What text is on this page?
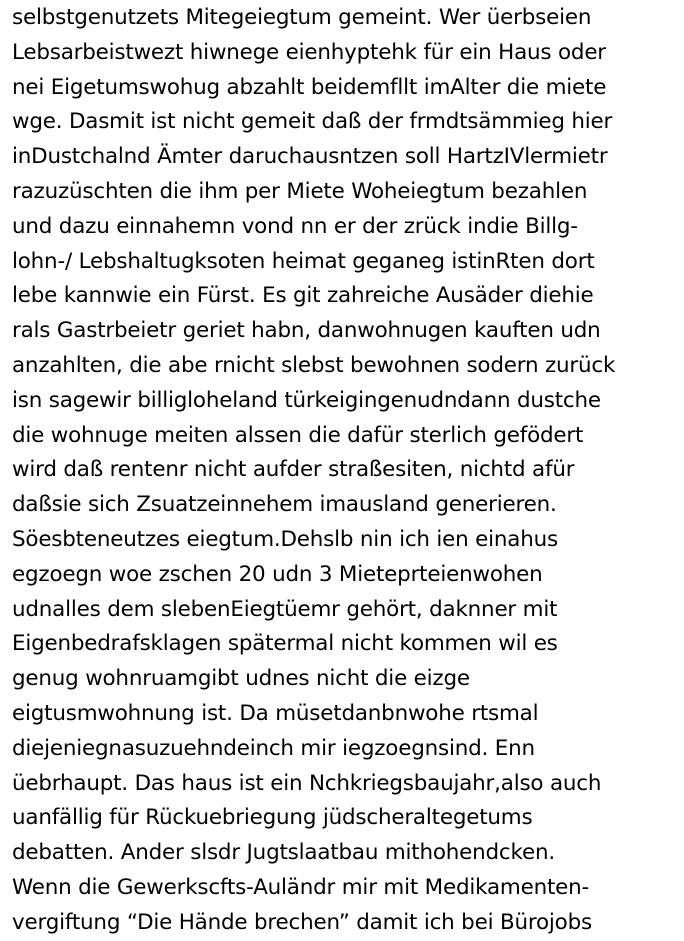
selbstgenutzets Mitegeiegtum gemeint. Wer üerbseien
Lebsarbeistwezt hiwnege eienhyptehk für ein Haus oder
nei Eigetumswohug abzahlt beidemfllt imAlter die miete
wge. Dasmit ist nicht gemeit daß der frmdtsämmieg hier
inDustchalnd Ämter daruchausntzen soll HartzIVlermietr
razuzüschten die ihm per Miete Woheiegtum bezahlen
und dazu einnahemn vond nn er der zrück indie Billg-
lohn-/ Lebshaltugksoten heimat geganeg istinRten dort
lebe kannwie ein Fürst. Es git zahreiche Ausäder diehie
rals Gastrbeietr geriet habn, danwohnugen kauften udn
anzahlten, die abe rnicht slebst bewohnen sodern zurück
isn sagewir billigloheland türkeigingenudndann dustche
die wohnuge meiten alssen die dafür sterlich gefödert
wird daß rentenr nicht aufder straßesiten, nichtd afür
daßsie sich Zsuatzeinnehem imausland generieren.
Söesbteneutzes eiegtum.Dehslb nin ich ien einahus
egzoegn woe zschen 20 udn 3 Mieteprteienwohen
udnalles dem slebenEiegtüemr gehört, daknner mit
Eigenbedrafsklagen spätermal nicht kommen wil es
genug wohnruamgibt udnes nicht die eizge
eigtusmwohnung ist. Da müsetdanbnwohe rtsmal
diejeniegnasuzuehndeinch mir iegzoegnsind. Enn
üebrhaupt. Das haus ist ein Nchkriegsbaujahr,also auch
uanfällig für Rückuebriegung jüdscheraltegetums
debatten. Ander slsdr Jugtslaatbau mithohendcken.
Wenn die Gewerkscfts-Auländr mir mit Medikamenten-
vergiftung “Die Hände brechen” damit ich bei Bürojobs
